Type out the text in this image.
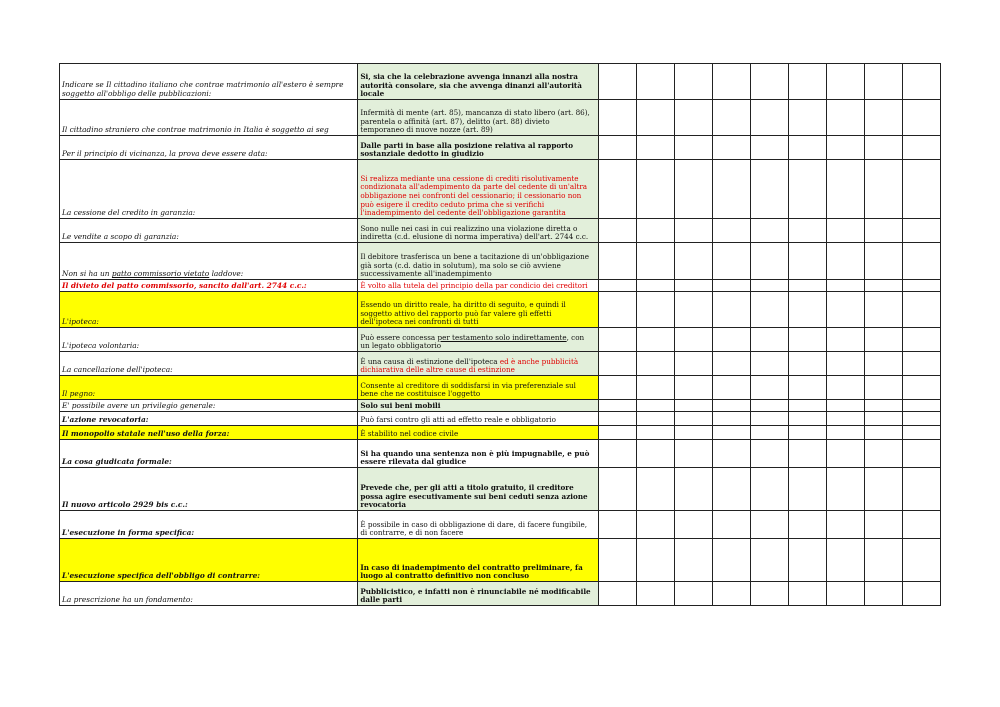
Indicare se Il cittadino italiano che contrae matrimonio all'estero è sempre soggetto all'obbligo delle pubblicazioni:	Si, sia che la celebrazione avvenga innanzi alla nostra autorità consolare, sia che avvenga dinanzi all'autorità locale									
Il cittadino straniero che contrae matrimonio in Italia è soggetto ai seg	Infermità di mente (art. 85), mancanza di stato libero (art. 86), parentela o affinità (art. 87), delitto (art. 88) divieto temporaneo di nuove nozze (art. 89)									
Per il principio di vicinanza, la prova deve essere data:	Dalle parti in base alla posizione relativa al rapporto sostanziale dedotto in giudizio									
La cessione del credito in garanzia:	Si realizza mediante una cessione di crediti risolutivamente condizionata all'adempimento da parte del cedente di un'altra obbligazione nei confronti del cessionario; il cessionario non può esigere il credito ceduto prima che si verifichi l'inadempimento del cedente dell'obbligazione garantita									
Le vendite a scopo di garanzia:	Sono nulle nei casi in cui realizzino una violazione diretta o indiretta (c.d. elusione di norma imperativa) dell'art. 2744 c.c.									
Non si ha un patto commissorio vietato laddove:	Il debitore trasferisca un bene a tacitazione di un'obbligazione già sorta (c.d. datio in solutum), ma solo se ciò avviene successivamente all'inadempimento									
Il divieto del patto commissorio, sancito dall'art. 2744 c.c.:	È volto alla tutela del principio della par condicio dei creditori									
L'ipoteca:	Essendo un diritto reale, ha diritto di seguito, e quindi il soggetto attivo del rapporto può far valere gli effetti dell'ipoteca nei confronti di tutti									
L'ipoteca volontaria:	Può essere concessa per testamento solo indirettamente, con un legato obbligatorio									
La cancellazione dell'ipoteca:	È una causa di estinzione dell'ipoteca ed è anche pubblicità dichiarativa delle altre cause di estinzione									
Il pegno:	Consente al creditore di soddisfarsi in via preferenziale sul bene che ne costituisce l'oggetto									
E' possibile avere un privilegio generale:	Solo sui beni mobili									
L'azione revocatoria:	Può farsi contro gli atti ad effetto reale e obbligatorio									
Il monopolio statale nell'uso della forza:	È stabilito nel codice civile									
La cosa giudicata formale:	Si ha quando una sentenza non è più impugnabile, e può essere rilevata dal giudice									
Il nuovo articolo 2929 bis c.c.:	Prevede che, per gli atti a titolo gratuito, il creditore possa agire esecutivamente sui beni ceduti senza azione revocatoria									
L'esecuzione in forma specifica:	È possibile in caso di obbligazione di dare, di facere fungibile, di contrarre, e di non facere									
L'esecuzione specifica dell'obbligo di contrarre:	In caso di inadempimento del contratto preliminare, fa luogo al contratto definitivo non concluso									
La prescrizione ha un fondamento:	Pubblicistico, e infatti non è rinunciabile né modificabile dalle parti									
